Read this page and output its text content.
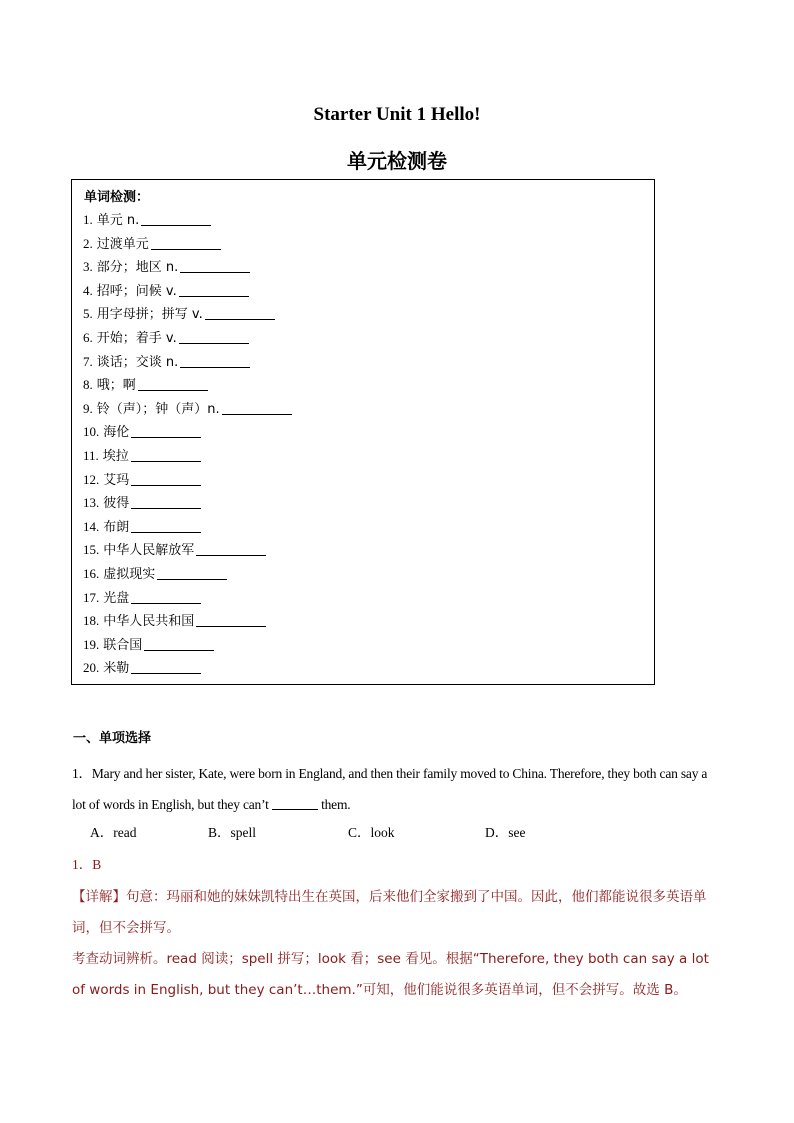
Starter Unit 1 Hello!
单元检测卷
单词检测：
1. 单元 n.
2. 过渡单元
3. 部分；地区 n.
4. 招呼；问候 v.
5. 用字母拼；拼写 v.
6. 开始；着手 v.
7. 谈话；交谈 n.
8. 哦；啊
9. 铃（声）；钟（声）n.
10. 海伦
11. 埃拉
12. 艾玛
13. 彼得
14. 布朗
15. 中华人民解放军
16. 虚拟现实
17. 光盘
18. 中华人民共和国
19. 联合国
20. 米勒
一、单项选择
1．Mary and her sister, Kate, were born in England, and then their family moved to China. Therefore, they both can say a lot of words in English, but they can’t	them.
A．read	B．spell	C．look	D．see
1．B
【详解】句意：玛丽和她的妹妹凯特出生在英国，后来他们全家搬到了中国。因此，他们都能说很多英语单词，但不会拼写。
考查动词辨析。read 阅读；spell 拼写；look 看；see 看见。根据“Therefore, they both can say a lot of words in English, but they can’t…them.”可知，他们能说很多英语单词，但不会拼写。故选 B。
